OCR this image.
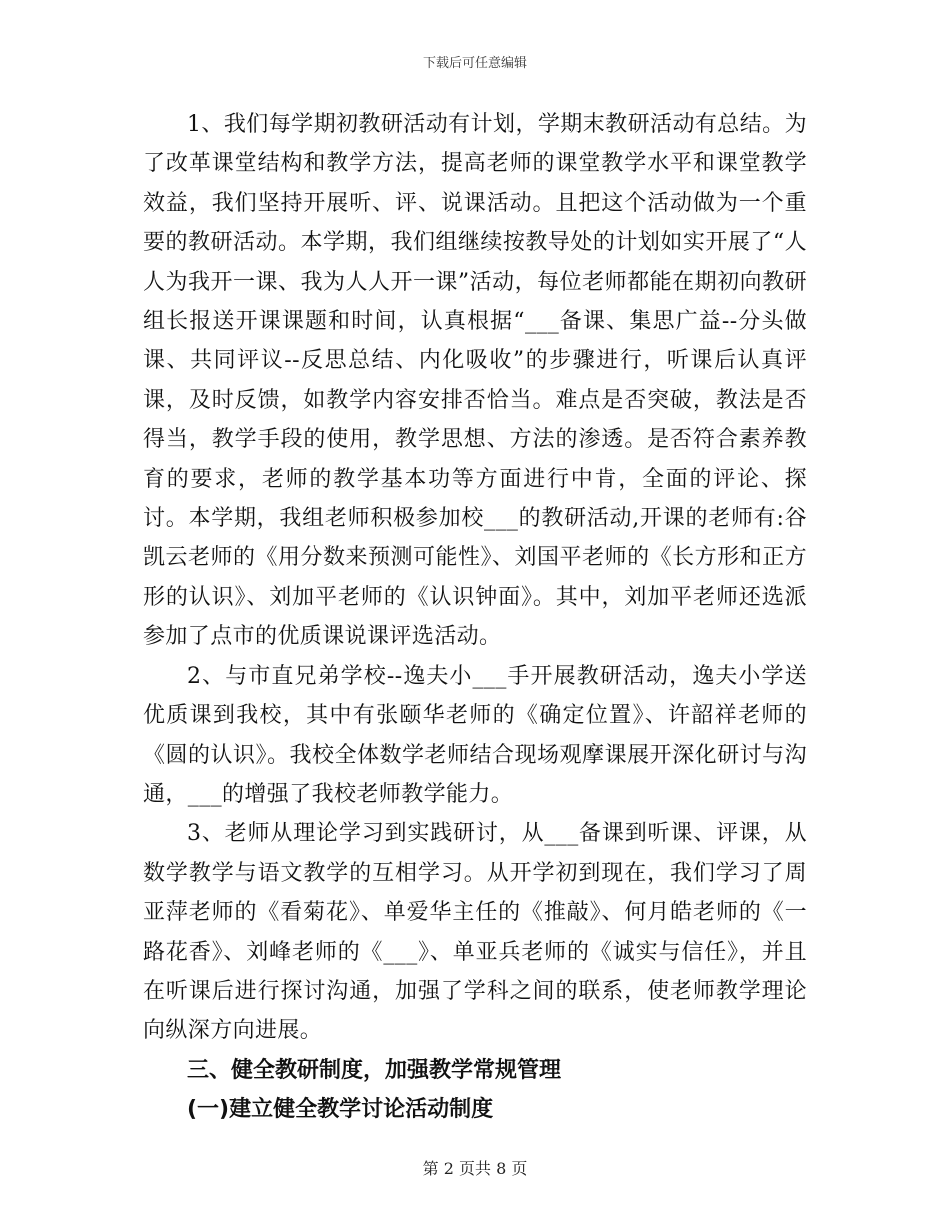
下载后可任意编辑

1、我们每学期初教研活动有计划，学期末教研活动有总结。为了改革课堂结构和教学方法，提高老师的课堂教学水平和课堂教学效益，我们坚持开展听、评、说课活动。且把这个活动做为一个重要的教研活动。本学期，我们组继续按教导处的计划如实开展了“人人为我开一课、我为人人开一课”活动，每位老师都能在期初向教研组长报送开课课题和时间，认真根据“___备课、集思广益--分头做课、共同评议--反思总结、内化吸收”的步骤进行，听课后认真评课，及时反馈，如教学内容安排否恰当。难点是否突破，教法是否得当，教学手段的使用，教学思想、方法的渗透。是否符合素养教育的要求，老师的教学基本功等方面进行中肯，全面的评论、探讨。本学期，我组老师积极参加校___的教研活动,开课的老师有:谷凯云老师的《用分数来预测可能性》、刘国平老师的《长方形和正方形的认识》、刘加平老师的《认识钟面》。其中，刘加平老师还选派参加了点市的优质课说课评选活动。

2、与市直兄弟学校--逸夫小___手开展教研活动，逸夫小学送优质课到我校，其中有张颐华老师的《确定位置》、许韶祥老师的《圆的认识》。我校全体数学老师结合现场观摩课展开深化研讨与沟通，___的增强了我校老师教学能力。

3、老师从理论学习到实践研讨，从___备课到听课、评课，从数学教学与语文教学的互相学习。从开学初到现在，我们学习了周亚萍老师的《看菊花》、单爱华主任的《推敲》、何月皓老师的《一路花香》、刘峰老师的《___》、单亚兵老师的《诚实与信任》，并且在听课后进行探讨沟通，加强了学科之间的联系，使老师教学理论向纵深方向进展。

三、健全教研制度，加强教学常规管理

(一)建立健全教学讨论活动制度

第 2 页共 8 页
